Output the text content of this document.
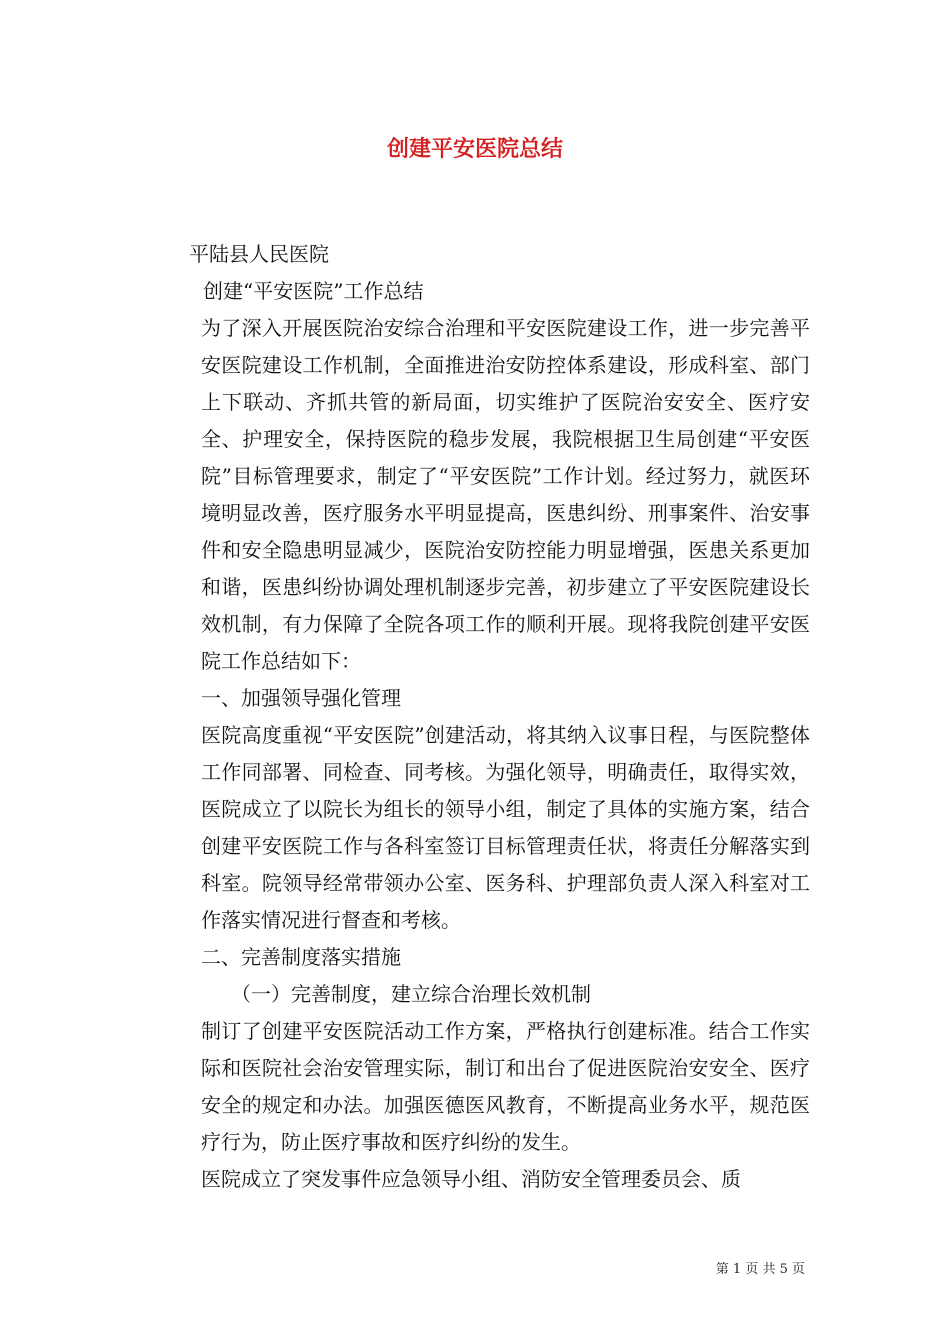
创建平安医院总结

平陆县人民医院

创建“平安医院”工作总结

为了深入开展医院治安综合治理和平安医院建设工作，进一步完善平安医院建设工作机制，全面推进治安防控体系建设，形成科室、部门上下联动、齐抓共管的新局面，切实维护了医院治安安全、医疗安全、护理安全，保持医院的稳步发展，我院根据卫生局创建“平安医院”目标管理要求，制定了“平安医院”工作计划。经过努力，就医环境明显改善，医疗服务水平明显提高，医患纠纷、刑事案件、治安事件和安全隐患明显减少，医院治安防控能力明显增强，医患关系更加和谐，医患纠纷协调处理机制逐步完善，初步建立了平安医院建设长效机制，有力保障了全院各项工作的顺利开展。现将我院创建平安医院工作总结如下：

一、加强领导强化管理

医院高度重视“平安医院”创建活动，将其纳入议事日程，与医院整体工作同部署、同检查、同考核。为强化领导，明确责任，取得实效，医院成立了以院长为组长的领导小组，制定了具体的实施方案，结合创建平安医院工作与各科室签订目标管理责任状，将责任分解落实到科室。院领导经常带领办公室、医务科、护理部负责人深入科室对工作落实情况进行督查和考核。

二、完善制度落实措施

（一）完善制度，建立综合治理长效机制

制订了创建平安医院活动工作方案，严格执行创建标准。结合工作实际和医院社会治安管理实际，制订和出台了促进医院治安安全、医疗安全的规定和办法。加强医德医风教育，不断提高业务水平，规范医疗行为，防止医疗事故和医疗纠纷的发生。

医院成立了突发事件应急领导小组、消防安全管理委员会、质

第 1 页 共 5 页
